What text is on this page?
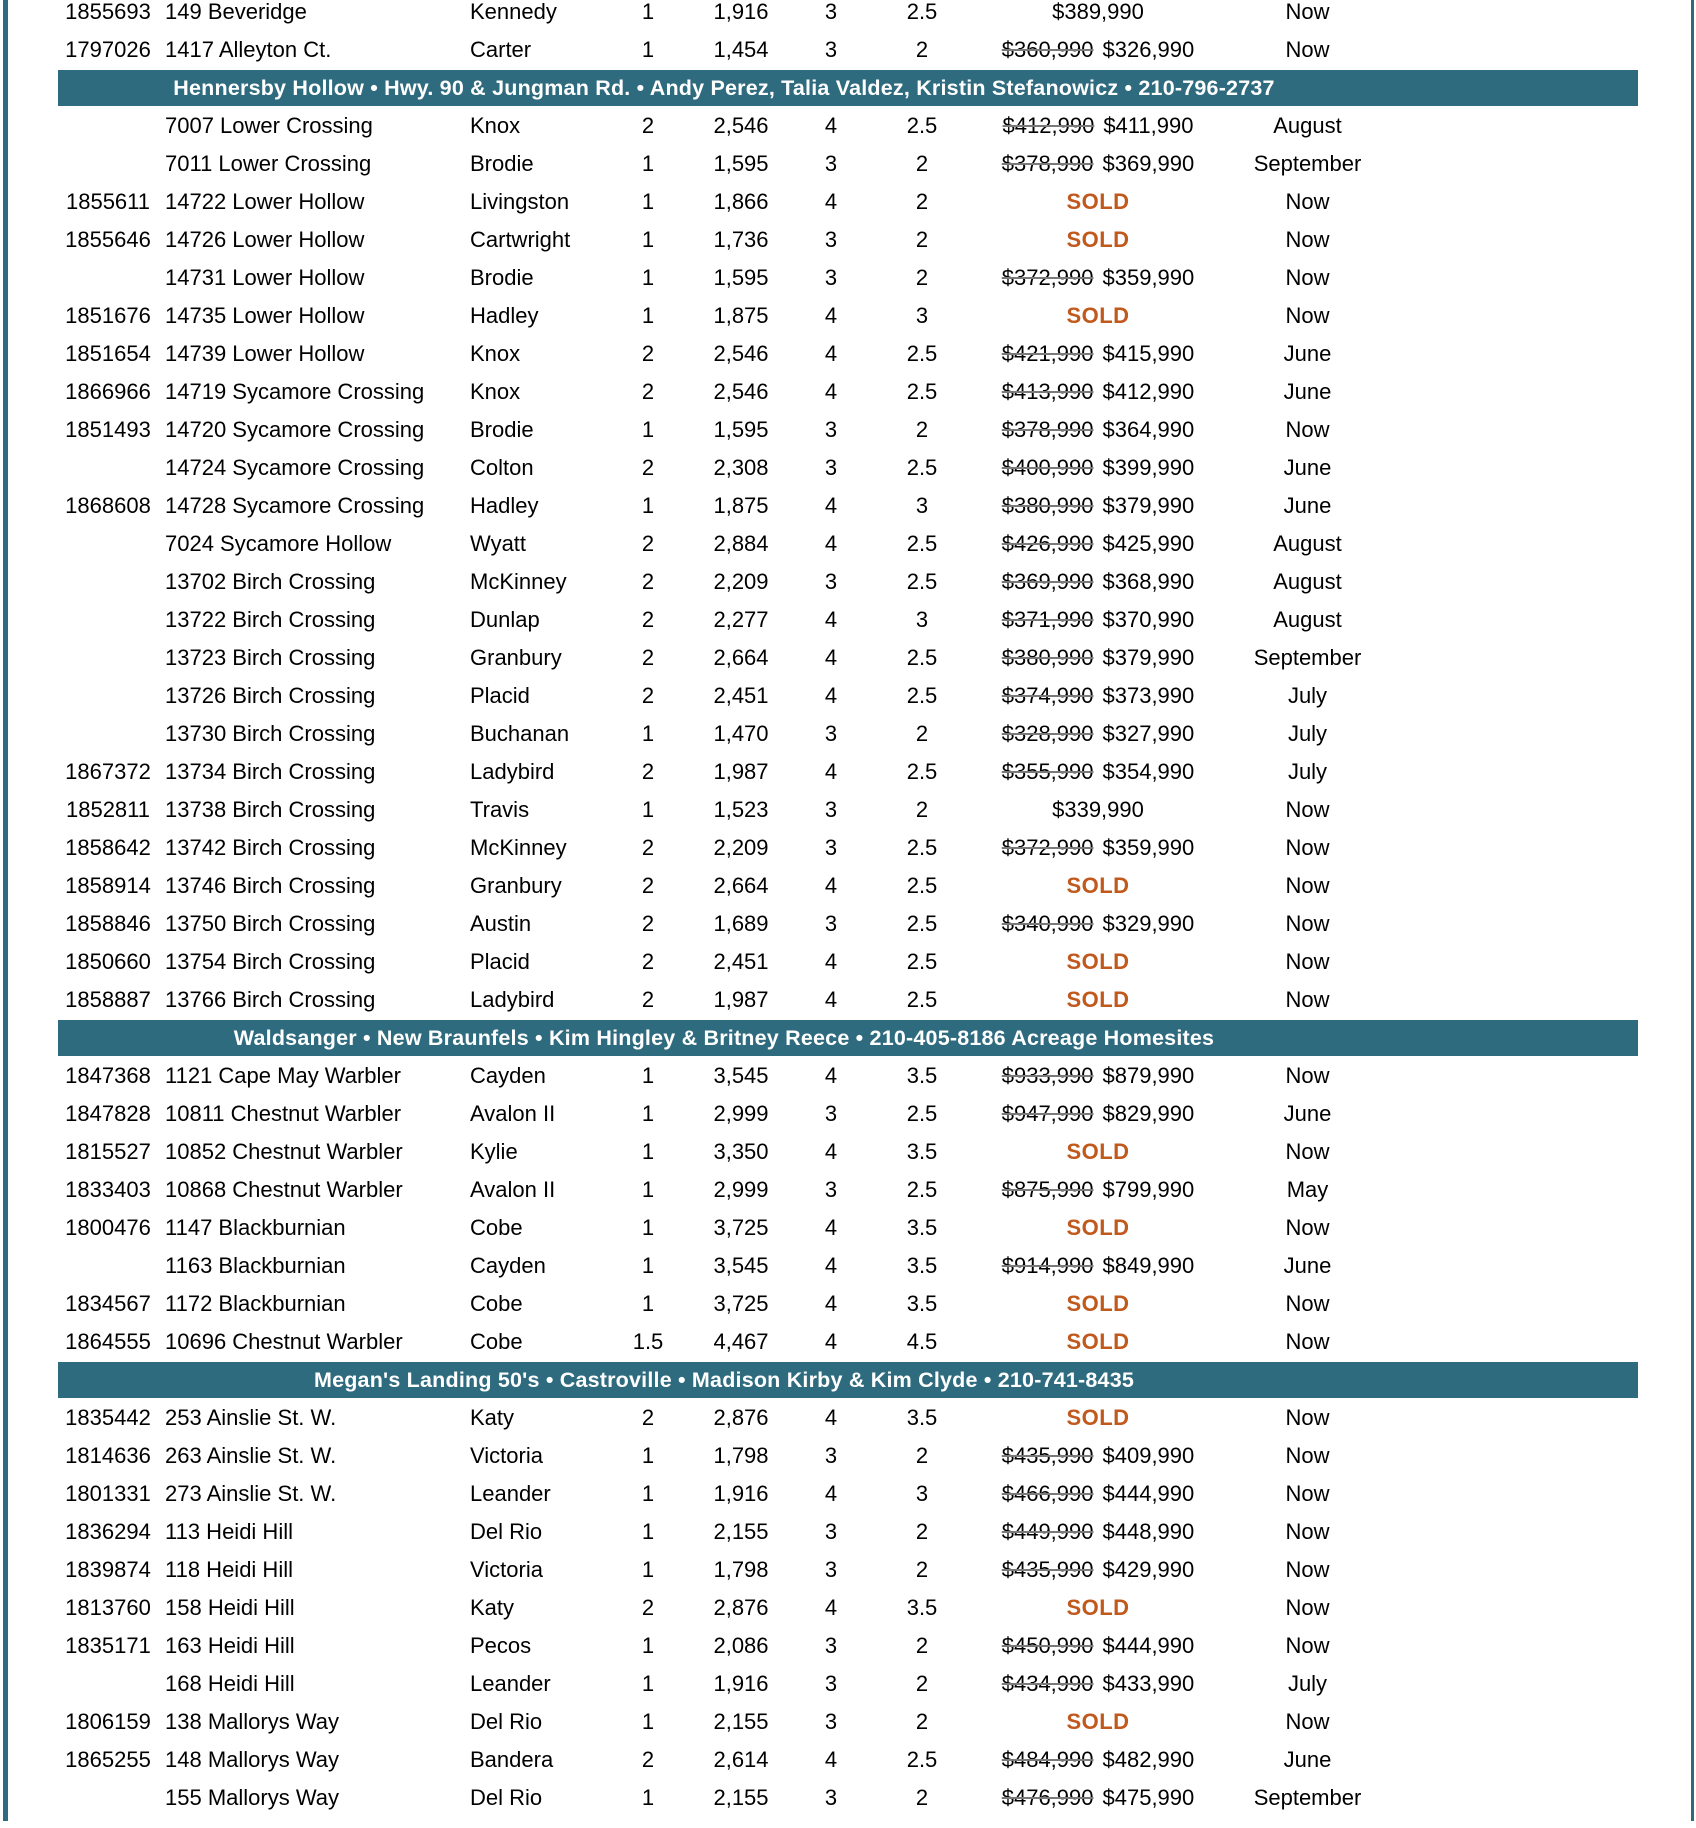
1855693 149 Beveridge	Kennedy	1	1,916	3	2.5	$389,990	Now
1797026 1417 Alleyton Ct.	Carter	1	1,454	3	2	$360,990 $326,990	Now
Hennersby Hollow • Hwy. 90 & Jungman Rd. • Andy Perez, Talia Valdez, Kristin Stefanowicz • 210-796-2737
7007 Lower Crossing	Knox	2	2,546	4	2.5	$412,990 $411,990	August
7011 Lower Crossing	Brodie	1	1,595	3	2	$378,990 $369,990	September
1855611 14722 Lower Hollow	Livingston	1	1,866	4	2	SOLD	Now
1855646 14726 Lower Hollow	Cartwright	1	1,736	3	2	SOLD	Now
14731 Lower Hollow	Brodie	1	1,595	3	2	$372,990 $359,990	Now
1851676 14735 Lower Hollow	Hadley	1	1,875	4	3	SOLD	Now
1851654 14739 Lower Hollow	Knox	2	2,546	4	2.5	$421,990 $415,990	June
1866966 14719 Sycamore Crossing	Knox	2	2,546	4	2.5	$413,990 $412,990	June
1851493 14720 Sycamore Crossing	Brodie	1	1,595	3	2	$378,990 $364,990	Now
14724 Sycamore Crossing	Colton	2	2,308	3	2.5	$400,990 $399,990	June
1868608 14728 Sycamore Crossing	Hadley	1	1,875	4	3	$380,990 $379,990	June
7024 Sycamore Hollow	Wyatt	2	2,884	4	2.5	$426,990 $425,990	August
13702 Birch Crossing	McKinney	2	2,209	3	2.5	$369,990 $368,990	August
13722 Birch Crossing	Dunlap	2	2,277	4	3	$371,990 $370,990	August
13723 Birch Crossing	Granbury	2	2,664	4	2.5	$380,990 $379,990	September
13726 Birch Crossing	Placid	2	2,451	4	2.5	$374,990 $373,990	July
13730 Birch Crossing	Buchanan	1	1,470	3	2	$328,990 $327,990	July
1867372 13734 Birch Crossing	Ladybird	2	1,987	4	2.5	$355,990 $354,990	July
1852811 13738 Birch Crossing	Travis	1	1,523	3	2	$339,990	Now
1858642 13742 Birch Crossing	McKinney	2	2,209	3	2.5	$372,990 $359,990	Now
1858914 13746 Birch Crossing	Granbury	2	2,664	4	2.5	SOLD	Now
1858846 13750 Birch Crossing	Austin	2	1,689	3	2.5	$340,990 $329,990	Now
1850660 13754 Birch Crossing	Placid	2	2,451	4	2.5	SOLD	Now
1858887 13766 Birch Crossing	Ladybird	2	1,987	4	2.5	SOLD	Now
Waldsanger • New Braunfels • Kim Hingley & Britney Reece • 210-405-8186 Acreage Homesites
1847368 1121 Cape May Warbler	Cayden	1	3,545	4	3.5	$933,990 $879,990	Now
1847828 10811 Chestnut Warbler	Avalon II	1	2,999	3	2.5	$947,990 $829,990	June
1815527 10852 Chestnut Warbler	Kylie	1	3,350	4	3.5	SOLD	Now
1833403 10868 Chestnut Warbler	Avalon II	1	2,999	3	2.5	$875,990 $799,990	May
1800476 1147 Blackburnian	Cobe	1	3,725	4	3.5	SOLD	Now
1163 Blackburnian	Cayden	1	3,545	4	3.5	$914,990 $849,990	June
1834567 1172 Blackburnian	Cobe	1	3,725	4	3.5	SOLD	Now
1864555 10696 Chestnut Warbler	Cobe	1.5	4,467	4	4.5	SOLD	Now
Megan's Landing 50's • Castroville • Madison Kirby & Kim Clyde • 210-741-8435
1835442 253 Ainslie St. W.	Katy	2	2,876	4	3.5	SOLD	Now
1814636 263 Ainslie St. W.	Victoria	1	1,798	3	2	$435,990 $409,990	Now
1801331 273 Ainslie St. W.	Leander	1	1,916	4	3	$466,990 $444,990	Now
1836294 113 Heidi Hill	Del Rio	1	2,155	3	2	$449,990 $448,990	Now
1839874 118 Heidi Hill	Victoria	1	1,798	3	2	$435,990 $429,990	Now
1813760 158 Heidi Hill	Katy	2	2,876	4	3.5	SOLD	Now
1835171 163 Heidi Hill	Pecos	1	2,086	3	2	$450,990 $444,990	Now
168 Heidi Hill	Leander	1	1,916	3	2	$434,990 $433,990	July
1806159 138 Mallorys Way	Del Rio	1	2,155	3	2	SOLD	Now
1865255 148 Mallorys Way	Bandera	2	2,614	4	2.5	$484,990 $482,990	June
155 Mallorys Way	Del Rio	1	2,155	3	2	$476,990 $475,990	September
